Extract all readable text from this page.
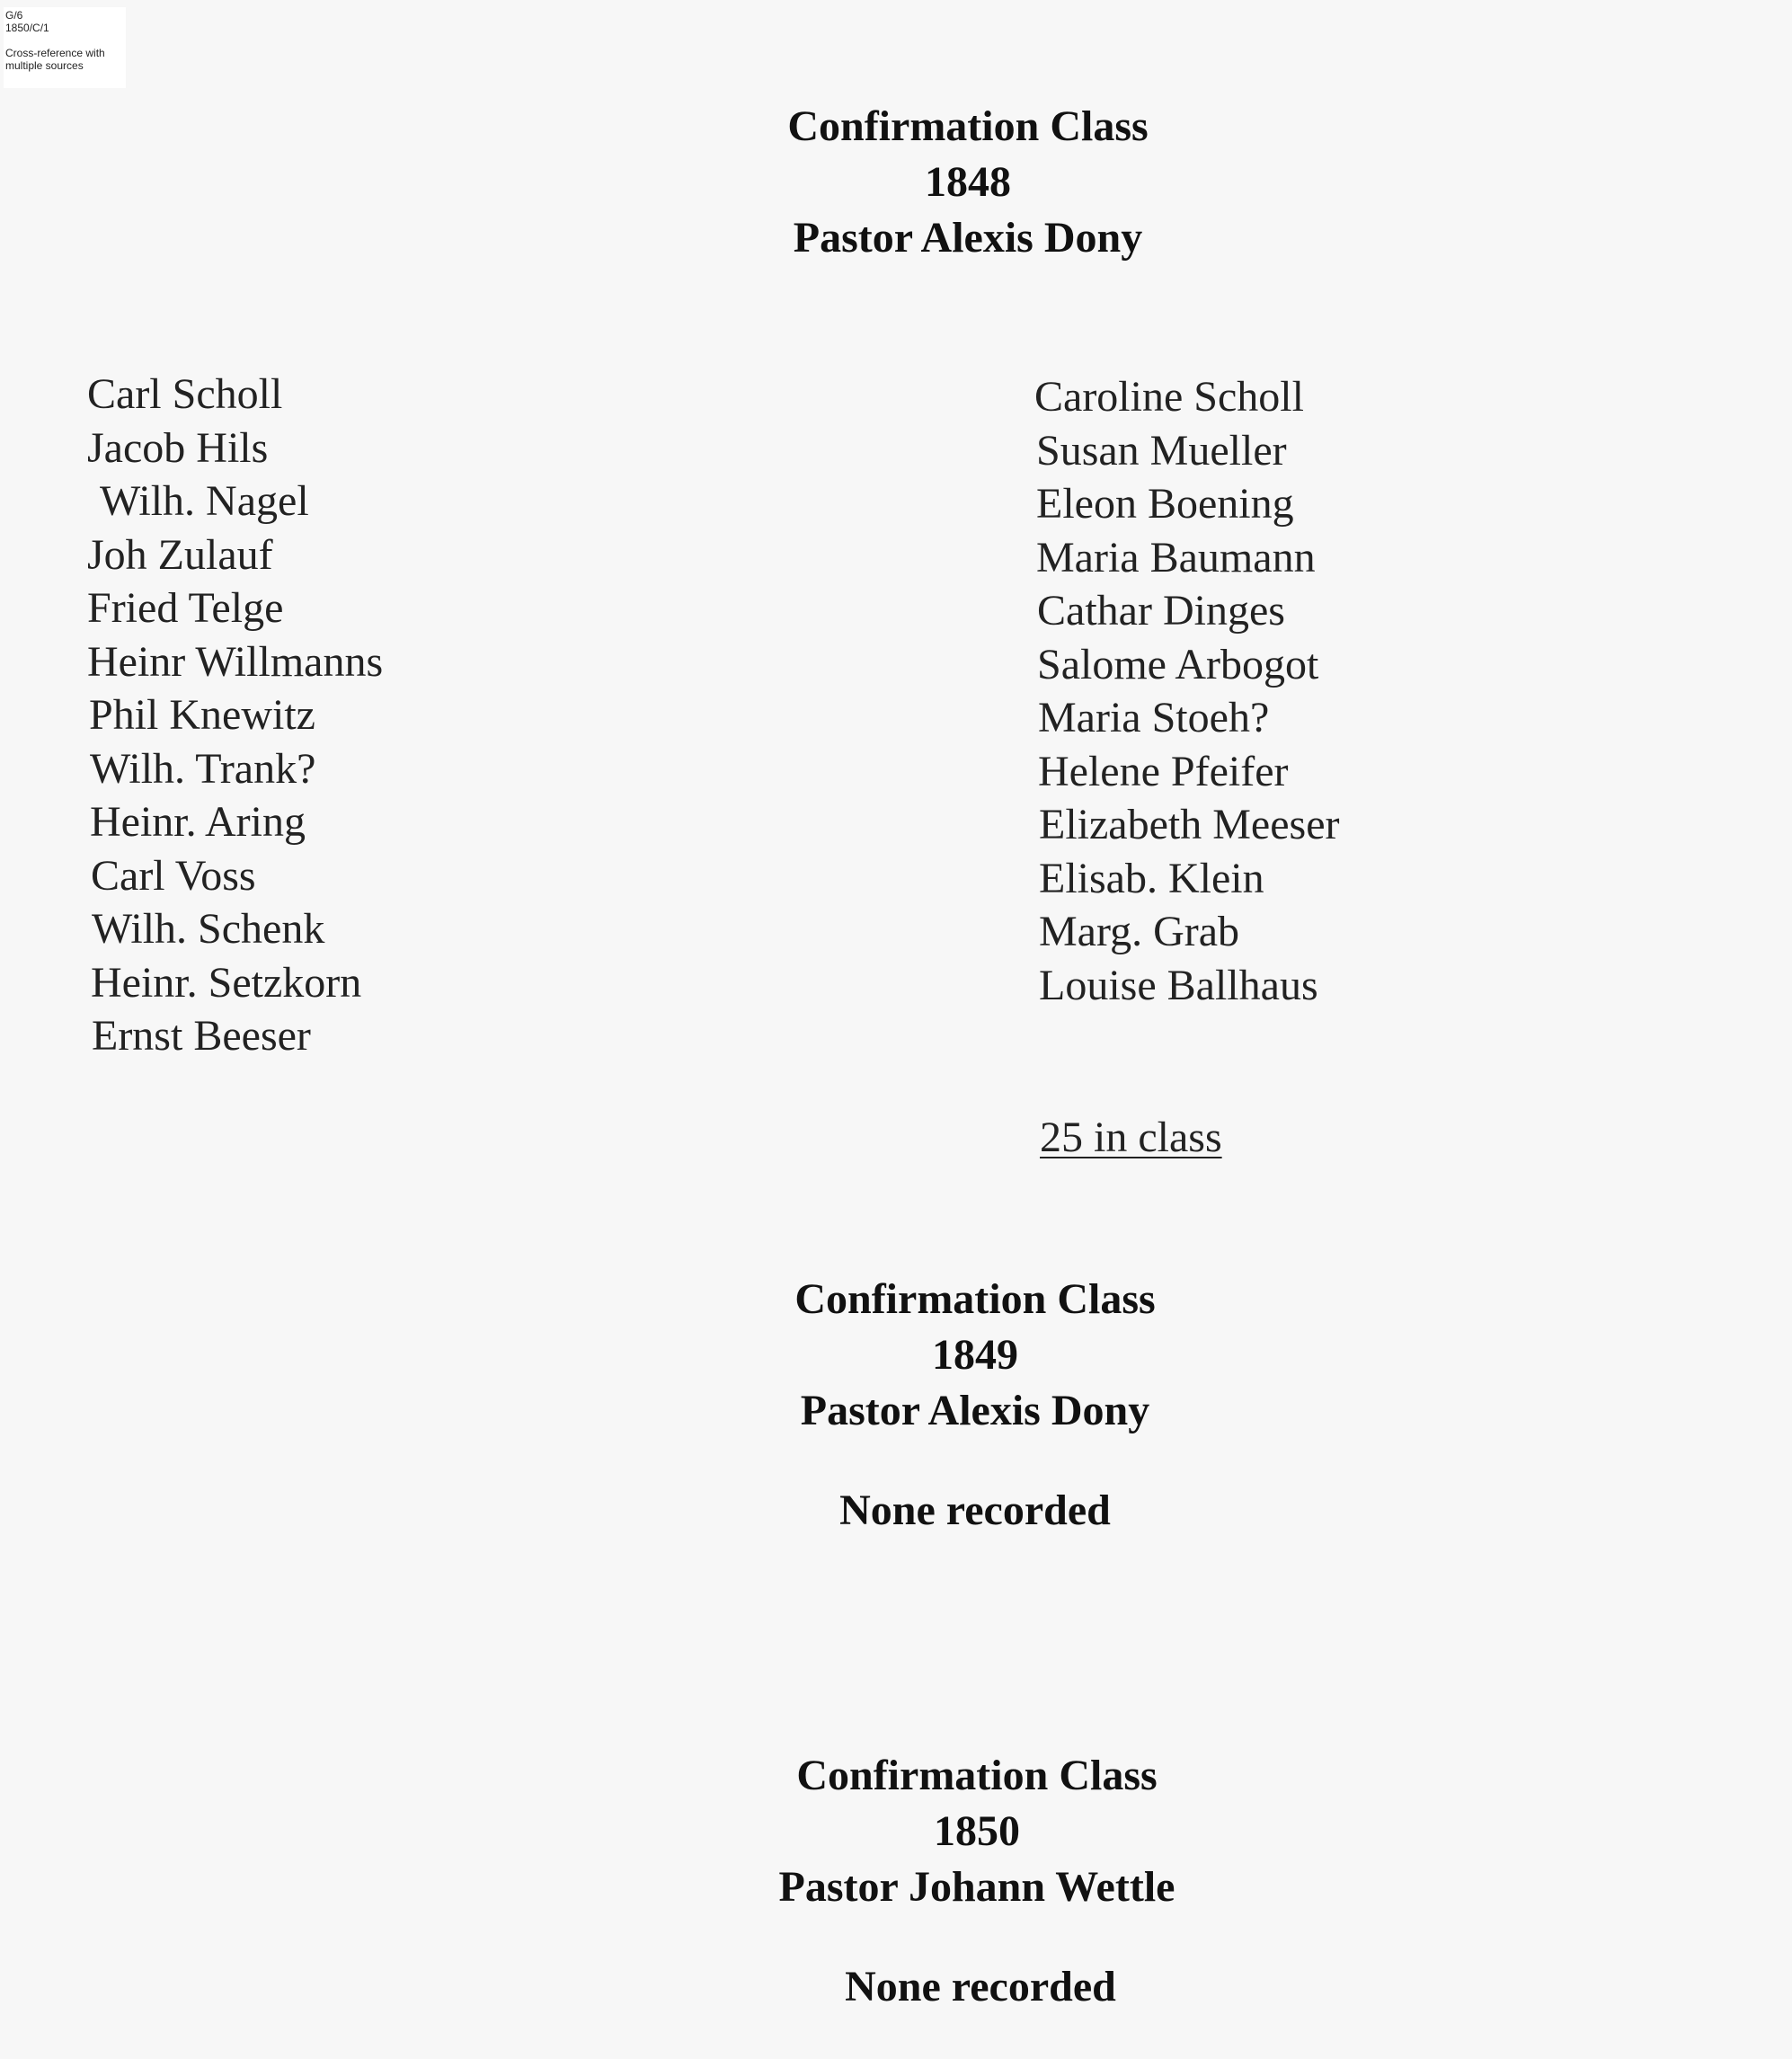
G/6
1850/C/1
Cross-reference with
multiple sources
Confirmation Class
1848
Pastor Alexis Dony
Carl Scholl
Jacob Hils
Wilh. Nagel
Joh Zulauf
Fried Telge
Heinr Willmanns
Phil Knewitz
Wilh. Trank?
Heinr. Aring
Carl Voss
Wilh. Schenk
Heinr. Setzkorn
Ernst Beeser
Caroline Scholl
Susan Mueller
Eleon Boening
Maria Baumann
Cathar Dinges
Salome Arbogot
Maria Stoeh?
Helene Pfeifer
Elizabeth Meeser
Elisab. Klein
Marg. Grab
Louise Ballhaus
25 in class
Confirmation Class
1849
Pastor Alexis Dony
None recorded
Confirmation Class
1850
Pastor Johann Wettle
None recorded
